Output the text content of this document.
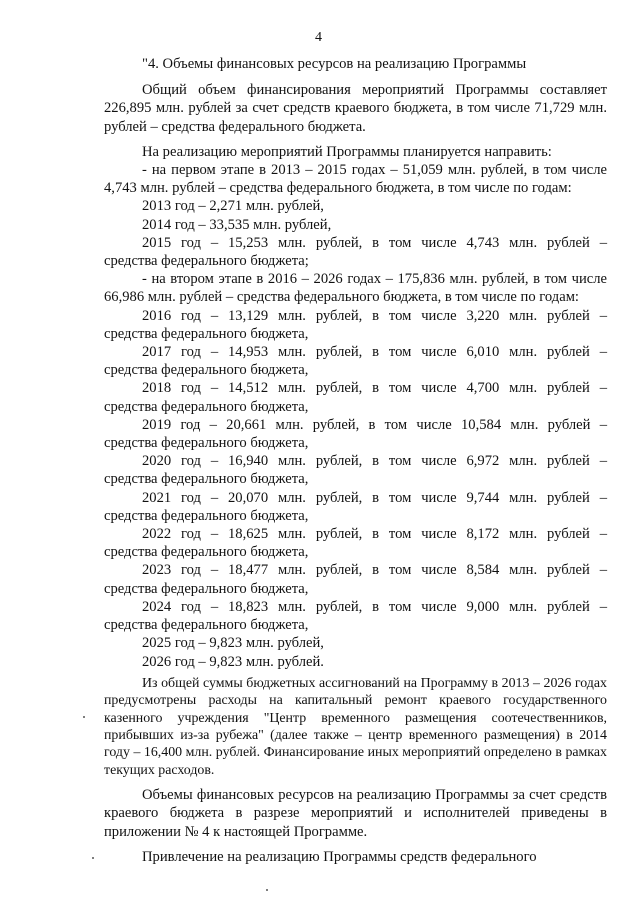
4

"4. Объемы финансовых ресурсов на реализацию Программы

Общий объем финансирования мероприятий Программы составляет 226,895 млн. рублей за счет средств краевого бюджета, в том числе 71,729 млн. рублей – средства федерального бюджета.

На реализацию мероприятий Программы планируется направить:

- на первом этапе в 2013 – 2015 годах – 51,059 млн. рублей, в том числе 4,743 млн. рублей – средства федерального бюджета, в том числе по годам:

2013 год – 2,271 млн. рублей,

2014 год – 33,535 млн. рублей,

2015 год – 15,253 млн. рублей, в том числе 4,743 млн. рублей –
средства федерального бюджета;

- на втором этапе в 2016 – 2026 годах – 175,836 млн. рублей, в том числе 66,986 млн. рублей – средства федерального бюджета, в том числе по годам:

2016 год – 13,129 млн. рублей, в том числе 3,220 млн. рублей –
средства федерального бюджета,
2017 год – 14,953 млн. рублей, в том числе 6,010 млн. рублей –
средства федерального бюджета,
2018 год – 14,512 млн. рублей, в том числе 4,700 млн. рублей –
средства федерального бюджета,
2019 год – 20,661 млн. рублей, в том числе 10,584 млн. рублей –
средства федерального бюджета,
2020 год – 16,940 млн. рублей, в том числе 6,972 млн. рублей –
средства федерального бюджета,
2021 год – 20,070 млн. рублей, в том числе 9,744 млн. рублей –
средства федерального бюджета,
2022 год – 18,625 млн. рублей, в том числе 8,172 млн. рублей –
средства федерального бюджета,
2023 год – 18,477 млн. рублей, в том числе 8,584 млн. рублей –
средства федерального бюджета,
2024 год – 18,823 млн. рублей, в том числе 9,000 млн. рублей –
средства федерального бюджета,

2025 год – 9,823 млн. рублей,

2026 год – 9,823 млн. рублей.

Из общей суммы бюджетных ассигнований на Программу в 2013 – 2026 годах предусмотрены расходы на капитальный ремонт краевого государственного казенного учреждения "Центр временного размещения соотечественников, прибывших из-за рубежа" (далее также – центр временного размещения) в 2014 году – 16,400 млн. рублей. Финансирование иных мероприятий определено в рамках текущих расходов.

Объемы финансовых ресурсов на реализацию Программы за счет средств краевого бюджета в разрезе мероприятий и исполнителей приведены в приложении № 4 к настоящей Программе.

Привлечение на реализацию Программы средств федерального
